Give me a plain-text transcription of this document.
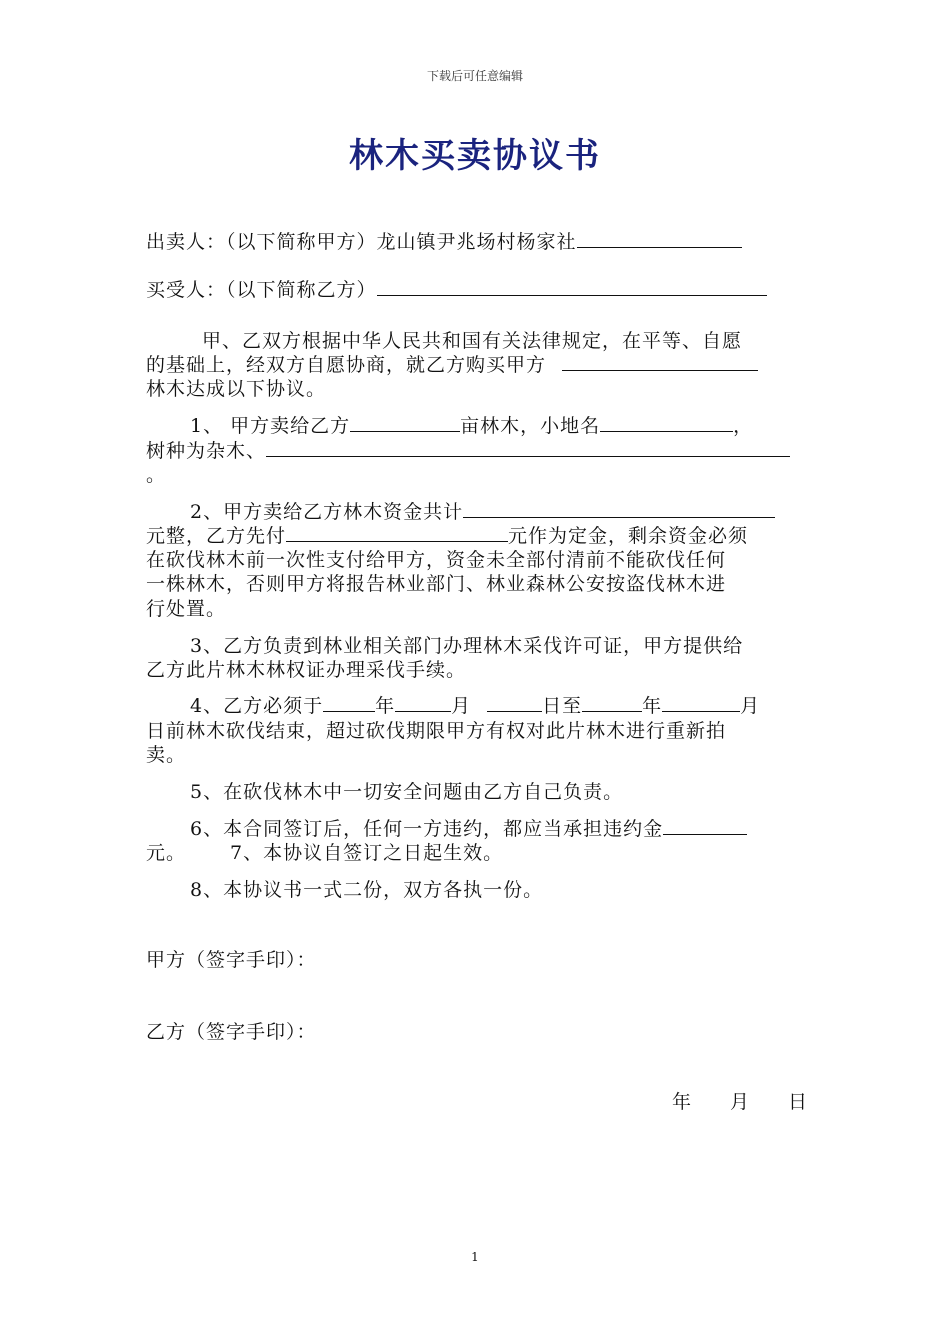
下载后可任意编辑
林木买卖协议书
出卖人：（以下简称甲方）龙山镇尹兆场村杨家社
买受人：（以下简称乙方）
甲、乙双方根据中华人民共和国有关法律规定，在平等、自愿
的基础上，经双方自愿协商，就乙方购买甲方
林木达成以下协议。
1、 甲方卖给乙方	亩林木，小地名	，
树种为杂木、
。
2、甲方卖给乙方林木资金共计
元整，乙方先付	元作为定金，剩余资金必须
在砍伐林木前一次性支付给甲方，资金未全部付清前不能砍伐任何
一株林木，否则甲方将报告林业部门、林业森林公安按盗伐林木进
行处置。
3、乙方负责到林业相关部门办理林木采伐许可证，甲方提供给
乙方此片林木林权证办理采伐手续。
4、乙方必须于	年	月	日至	年	月
日前林木砍伐结束，超过砍伐期限甲方有权对此片林木进行重新拍
卖。
5、在砍伐林木中一切安全问题由乙方自己负责。
6、本合同签订后，任何一方违约，都应当承担违约金
元。 7、本协议自签订之日起生效。
8、本协议书一式二份，双方各执一份。
甲方（签字手印）：
乙方（签字手印）：
年 月 日
1
